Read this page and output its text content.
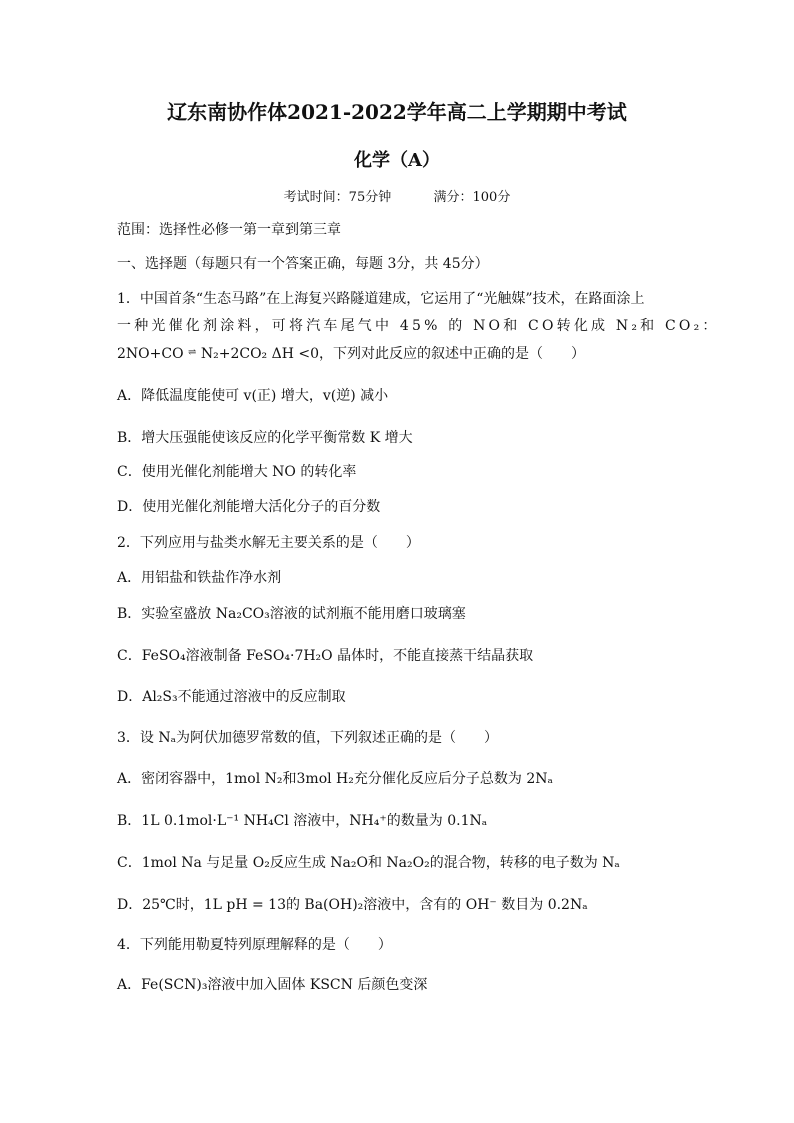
辽东南协作体2021-2022学年高二上学期期中考试
化学（A）
考试时间：75分钟	满分：100分
范围：选择性必修一第一章到第三章
一、选择题（每题只有一个答案正确，每题 3分，共 45分）
1．中国首条“生态马路”在上海复兴路隧道建成，它运用了“光触媒”技术，在路面涂上
一种光催化剂涂料，可将汽车尾气中 45% 的 NO和 CO转化成 N₂和 CO₂：
2NO+CO ⇌ N₂+2CO₂ ΔH <0，下列对此反应的叙述中正确的是（　　）
A．降低温度能使可 v(正) 增大，v(逆) 减小
B．增大压强能使该反应的化学平衡常数 K 增大
C．使用光催化剂能增大 NO 的转化率
D．使用光催化剂能增大活化分子的百分数
2．下列应用与盐类水解无主要关系的是（　　）
A．用铝盐和铁盐作净水剂
B．实验室盛放 Na₂CO₃溶液的试剂瓶不能用磨口玻璃塞
C．FeSO₄溶液制备 FeSO₄·7H₂O 晶体时，不能直接蒸干结晶获取
D．Al₂S₃不能通过溶液中的反应制取
3．设 Nₐ为阿伏加德罗常数的值，下列叙述正确的是（　　）
A．密闭容器中，1mol N₂和3mol H₂充分催化反应后分子总数为 2Nₐ
B．1L 0.1mol·L⁻¹ NH₄Cl 溶液中，NH₄⁺的数量为 0.1Nₐ
C．1mol Na 与足量 O₂反应生成 Na₂O和 Na₂O₂的混合物，转移的电子数为 Nₐ
D．25℃时，1L pH = 13的 Ba(OH)₂溶液中，含有的 OH⁻ 数目为 0.2Nₐ
4．下列能用勒夏特列原理解释的是（　　）
A．Fe(SCN)₃溶液中加入固体 KSCN 后颜色变深
